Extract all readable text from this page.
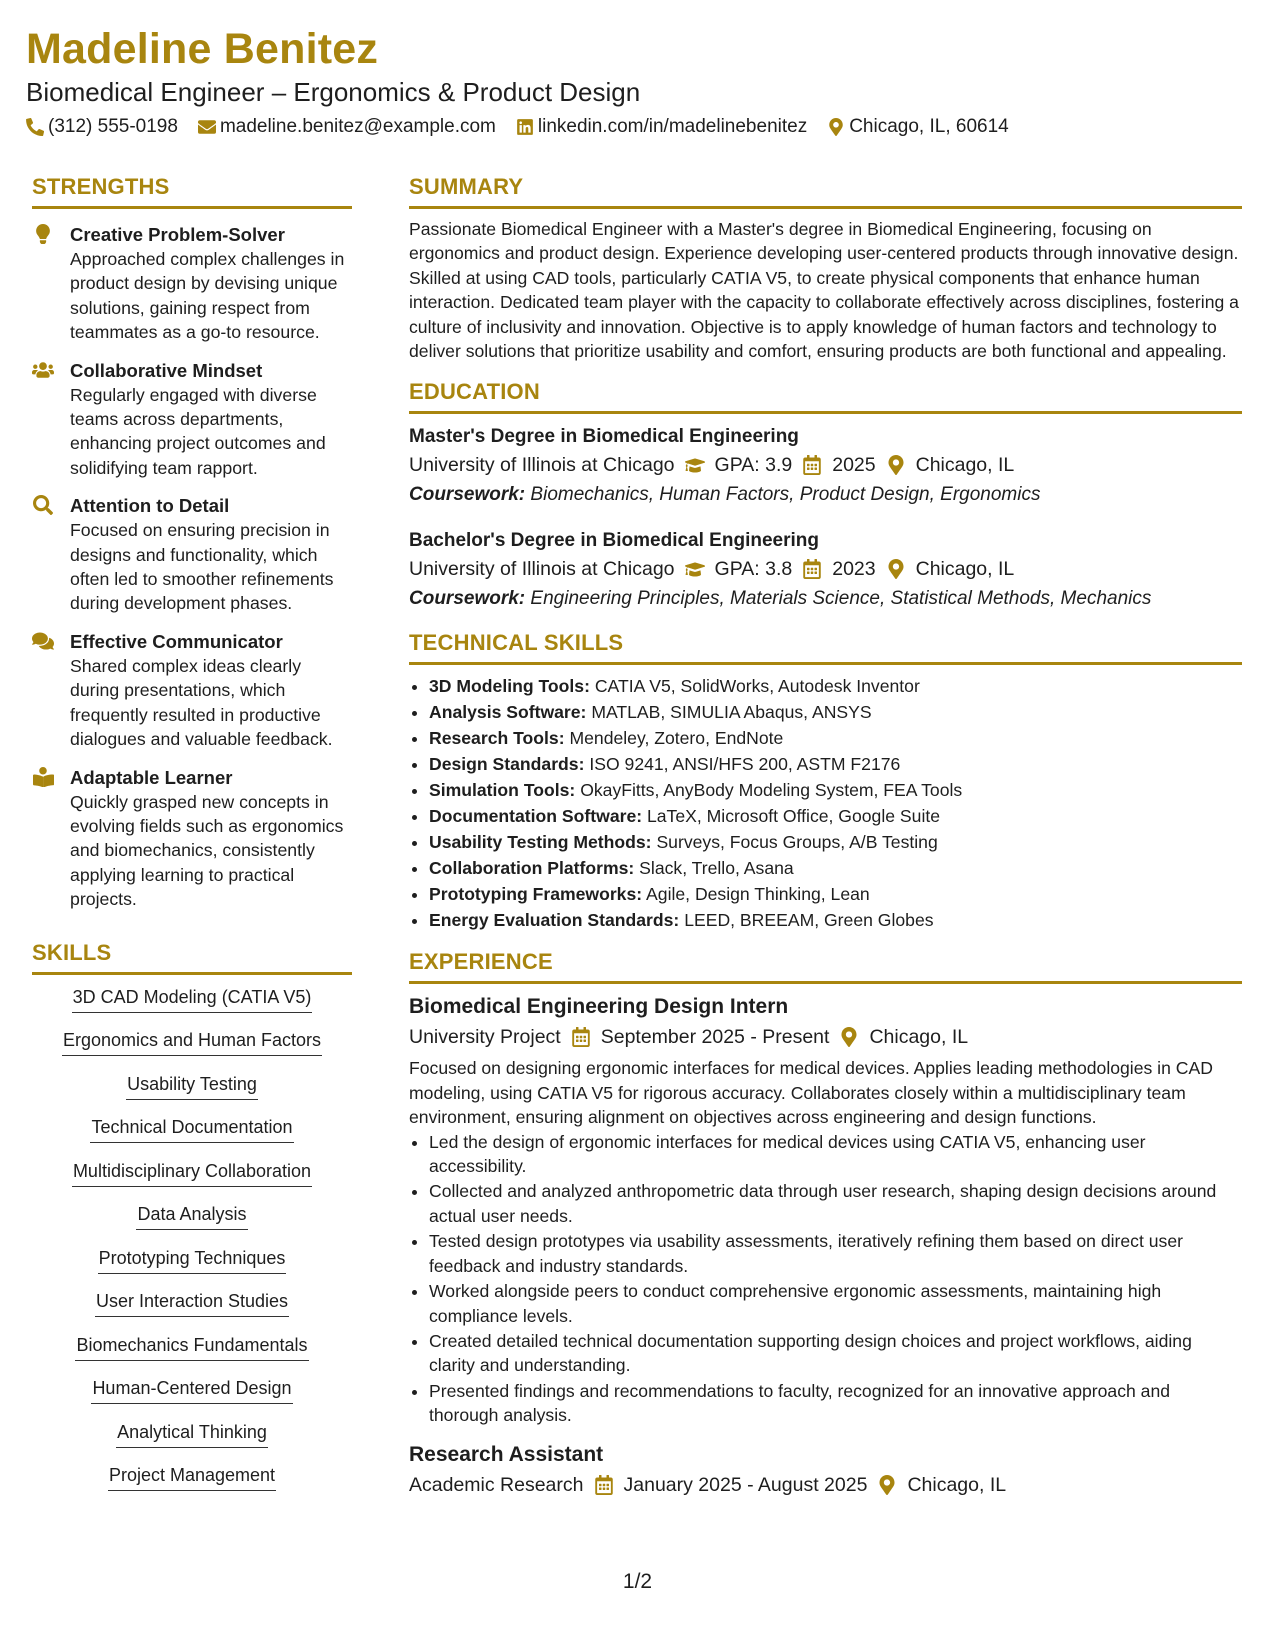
Madeline Benitez
Biomedical Engineer – Ergonomics & Product Design
(312) 555-0198 madeline.benitez@example.com linkedin.com/in/madelinebenitez Chicago, IL, 60614
STRENGTHS
Creative Problem-Solver
Approached complex challenges in product design by devising unique solutions, gaining respect from teammates as a go-to resource.
Collaborative Mindset
Regularly engaged with diverse teams across departments, enhancing project outcomes and solidifying team rapport.
Attention to Detail
Focused on ensuring precision in designs and functionality, which often led to smoother refinements during development phases.
Effective Communicator
Shared complex ideas clearly during presentations, which frequently resulted in productive dialogues and valuable feedback.
Adaptable Learner
Quickly grasped new concepts in evolving fields such as ergonomics and biomechanics, consistently applying learning to practical projects.
SKILLS
3D CAD Modeling (CATIA V5)
Ergonomics and Human Factors
Usability Testing
Technical Documentation
Multidisciplinary Collaboration
Data Analysis
Prototyping Techniques
User Interaction Studies
Biomechanics Fundamentals
Human-Centered Design
Analytical Thinking
Project Management
SUMMARY
Passionate Biomedical Engineer with a Master's degree in Biomedical Engineering, focusing on ergonomics and product design. Experience developing user-centered products through innovative design. Skilled at using CAD tools, particularly CATIA V5, to create physical components that enhance human interaction. Dedicated team player with the capacity to collaborate effectively across disciplines, fostering a culture of inclusivity and innovation. Objective is to apply knowledge of human factors and technology to deliver solutions that prioritize usability and comfort, ensuring products are both functional and appealing.
EDUCATION
Master's Degree in Biomedical Engineering
University of Illinois at Chicago GPA: 3.9 2025 Chicago, IL
Coursework: Biomechanics, Human Factors, Product Design, Ergonomics
Bachelor's Degree in Biomedical Engineering
University of Illinois at Chicago GPA: 3.8 2023 Chicago, IL
Coursework: Engineering Principles, Materials Science, Statistical Methods, Mechanics
TECHNICAL SKILLS
• 3D Modeling Tools: CATIA V5, SolidWorks, Autodesk Inventor
• Analysis Software: MATLAB, SIMULIA Abaqus, ANSYS
• Research Tools: Mendeley, Zotero, EndNote
• Design Standards: ISO 9241, ANSI/HFS 200, ASTM F2176
• Simulation Tools: OkayFitts, AnyBody Modeling System, FEA Tools
• Documentation Software: LaTeX, Microsoft Office, Google Suite
• Usability Testing Methods: Surveys, Focus Groups, A/B Testing
• Collaboration Platforms: Slack, Trello, Asana
• Prototyping Frameworks: Agile, Design Thinking, Lean
• Energy Evaluation Standards: LEED, BREEAM, Green Globes
EXPERIENCE
Biomedical Engineering Design Intern
University Project September 2025 - Present Chicago, IL
Focused on designing ergonomic interfaces for medical devices. Applies leading methodologies in CAD modeling, using CATIA V5 for rigorous accuracy. Collaborates closely within a multidisciplinary team environment, ensuring alignment on objectives across engineering and design functions.
• Led the design of ergonomic interfaces for medical devices using CATIA V5, enhancing user accessibility.
• Collected and analyzed anthropometric data through user research, shaping design decisions around actual user needs.
• Tested design prototypes via usability assessments, iteratively refining them based on direct user feedback and industry standards.
• Worked alongside peers to conduct comprehensive ergonomic assessments, maintaining high compliance levels.
• Created detailed technical documentation supporting design choices and project workflows, aiding clarity and understanding.
• Presented findings and recommendations to faculty, recognized for an innovative approach and thorough analysis.
Research Assistant
Academic Research January 2025 - August 2025 Chicago, IL
1/2
